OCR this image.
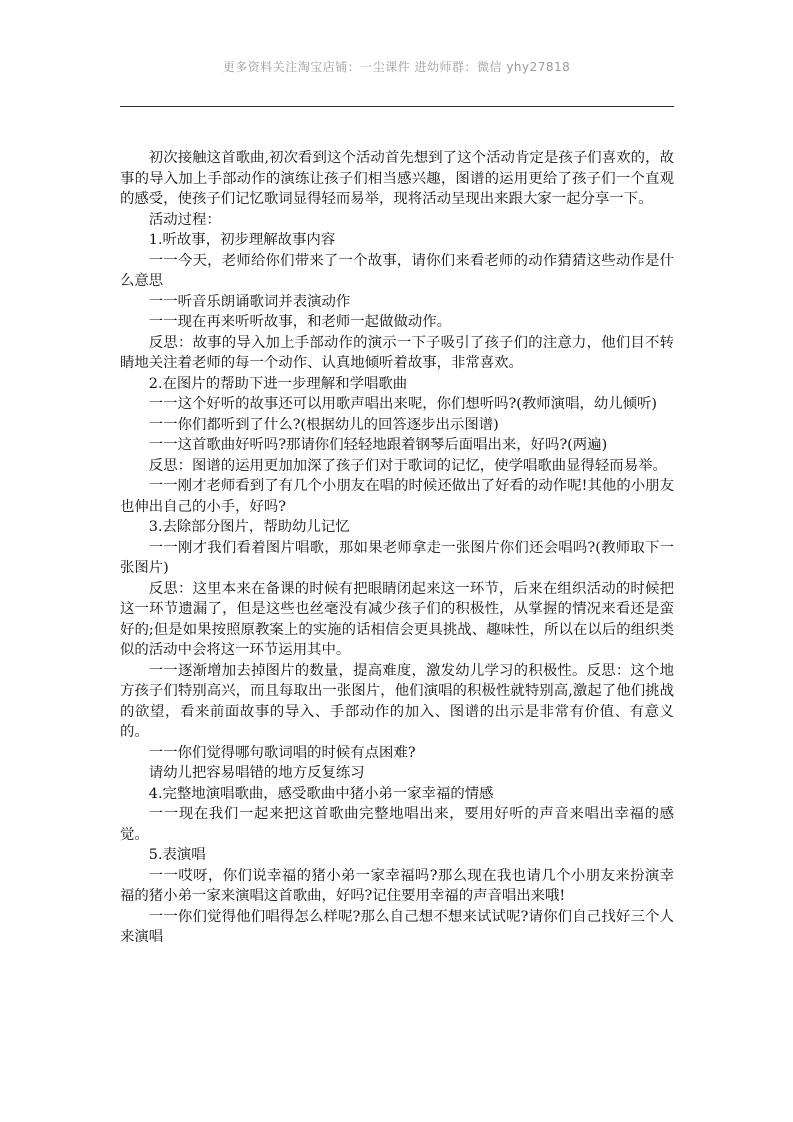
更多资料关注淘宝店铺：一尘课件 进幼师群：微信 yhy27818

初次接触这首歌曲,初次看到这个活动首先想到了这个活动肯定是孩子们喜欢的，故事的导入加上手部动作的演练让孩子们相当感兴趣，图谱的运用更给了孩子们一个直观的感受，使孩子们记忆歌词显得轻而易举，现将活动呈现出来跟大家一起分享一下。

活动过程：

1.听故事，初步理解故事内容

一一今天，老师给你们带来了一个故事，请你们来看老师的动作猜猜这些动作是什么意思

一一听音乐朗诵歌词并表演动作

一一现在再来听听故事，和老师一起做做动作。

反思：故事的导入加上手部动作的演示一下子吸引了孩子们的注意力，他们目不转睛地关注着老师的每一个动作、认真地倾听着故事，非常喜欢。

2.在图片的帮助下进一步理解和学唱歌曲

一一这个好听的故事还可以用歌声唱出来呢，你们想听吗?(教师演唱，幼儿倾听)

一一你们都听到了什么?(根据幼儿的回答逐步出示图谱)

一一这首歌曲好听吗?那请你们轻轻地跟着钢琴后面唱出来，好吗?(两遍)

反思：图谱的运用更加加深了孩子们对于歌词的记忆，使学唱歌曲显得轻而易举。

一一刚才老师看到了有几个小朋友在唱的时候还做出了好看的动作呢!其他的小朋友也伸出自己的小手，好吗?

3.去除部分图片，帮助幼儿记忆

一一刚才我们看着图片唱歌，那如果老师拿走一张图片你们还会唱吗?(教师取下一张图片)

反思：这里本来在备课的时候有把眼睛闭起来这一环节，后来在组织活动的时候把这一环节遗漏了，但是这些也丝毫没有减少孩子们的积极性，从掌握的情况来看还是蛮好的;但是如果按照原教案上的实施的话相信会更具挑战、趣味性，所以在以后的组织类似的活动中会将这一环节运用其中。

一一逐渐增加去掉图片的数量，提高难度，激发幼儿学习的积极性。反思：这个地方孩子们特别高兴，而且每取出一张图片，他们演唱的积极性就特别高,激起了他们挑战的欲望，看来前面故事的导入、手部动作的加入、图谱的出示是非常有价值、有意义的。

一一你们觉得哪句歌词唱的时候有点困难?

请幼儿把容易唱错的地方反复练习

4.完整地演唱歌曲，感受歌曲中猪小弟一家幸福的情感

一一现在我们一起来把这首歌曲完整地唱出来，要用好听的声音来唱出幸福的感觉。

5.表演唱

一一哎呀，你们说幸福的猪小弟一家幸福吗?那么现在我也请几个小朋友来扮演幸福的猪小弟一家来演唱这首歌曲，好吗?记住要用幸福的声音唱出来哦!

一一你们觉得他们唱得怎么样呢?那么自己想不想来试试呢?请你们自己找好三个人来演唱
